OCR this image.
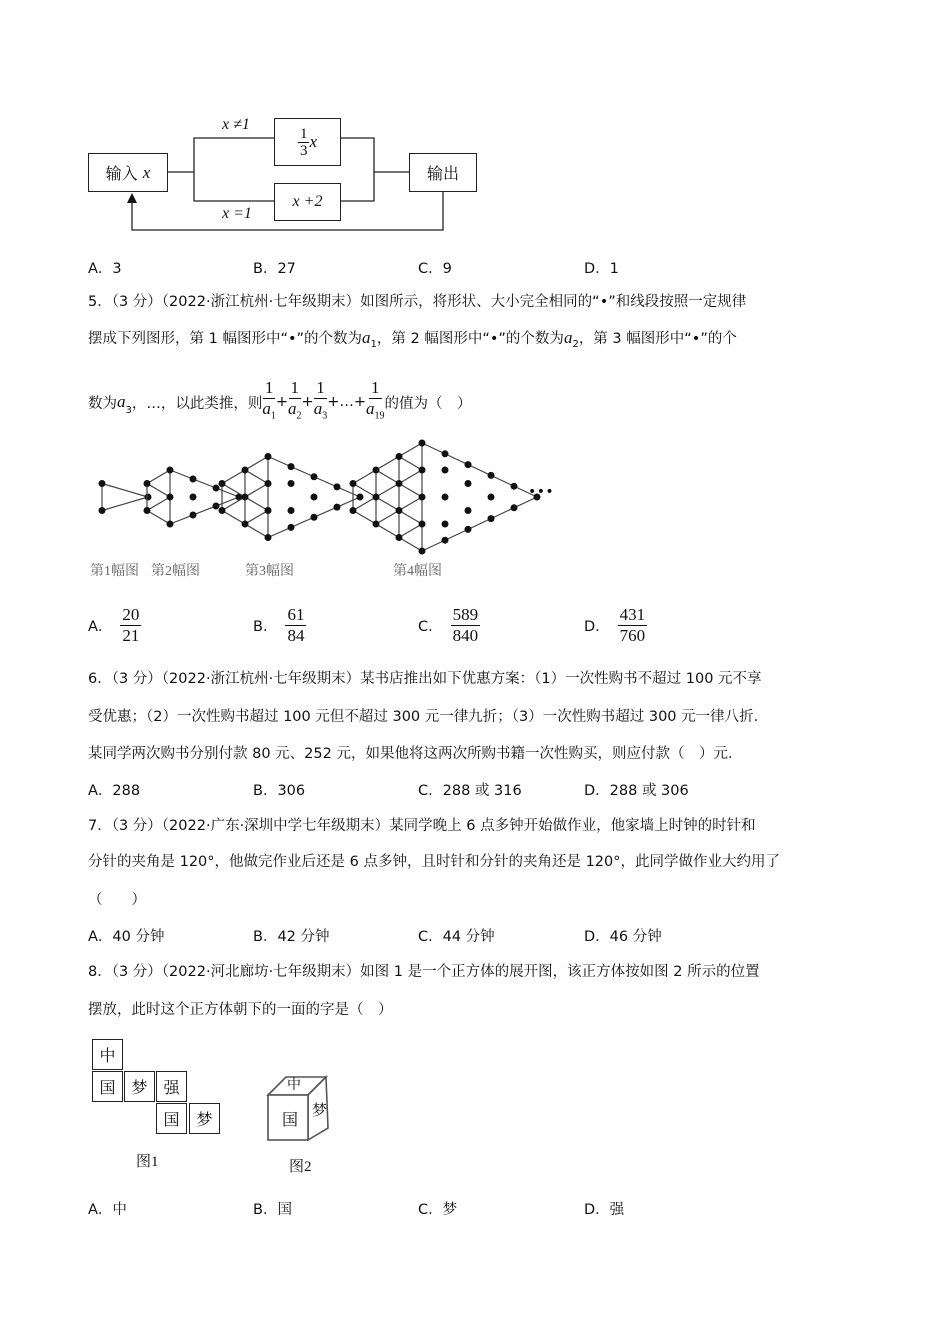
输入
x
$\frac{1}{3}$ x
x +2
输出
x ≠1
x =1
A．3	B．27	C．9	D．1
5．（3 分）（2022·浙江杭州·七年级期末）如图所示，将形状、大小完全相同的“•”和线段按照一定规律
摆成下列图形，第 1 幅图形中“•”的个数为$a_1$，第 2 幅图形中“•”的个数为$a_2$，第 3 幅图形中“•”的个
数为 $a_3$ ，…，以此类推，则 $\frac{1}{a_1} + \frac{1}{a_2} + \frac{1}{a_3}$ + … + $\frac{1}{a_{19}}$ 的值为（　）
• • •
第1幅图 第2幅图	第3幅图	第4幅图
A． $\frac{20}{21}$	B． $\frac{61}{84}$	C． $\frac{589}{840}$	D． $\frac{431}{760}$
6．（3 分）（2022·浙江杭州·七年级期末）某书店推出如下优惠方案：（1）一次性购书不超过 100 元不享
受优惠；（2）一次性购书超过 100 元但不超过 300 元一律九折；（3）一次性购书超过 300 元一律八折．
某同学两次购书分别付款 80 元、252 元，如果他将这两次所购书籍一次性购买，则应付款（　）元．
A．288	B．306	C．288 或 316	D．288 或 306
7．（3 分）（2022·广东·深圳中学七年级期末）某同学晚上 6 点多钟开始做作业，他家墙上时钟的时针和
分针的夹角是 120°，他做完作业后还是 6 点多钟，且时针和分针的夹角还是 120°，此同学做作业大约用了
（　　）
A．40 分钟	B．42 分钟	C．44 分钟	D．46 分钟
8．（3 分）（2022·河北廊坊·七年级期末）如图 1 是一个正方体的展开图，该正方体按如图 2 所示的位置
摆放，此时这个正方体朝下的一面的字是（　）
中
国 梦 强
国	梦
图1
中
国 梦
图2
A．中	B．国	C．梦	D．强
